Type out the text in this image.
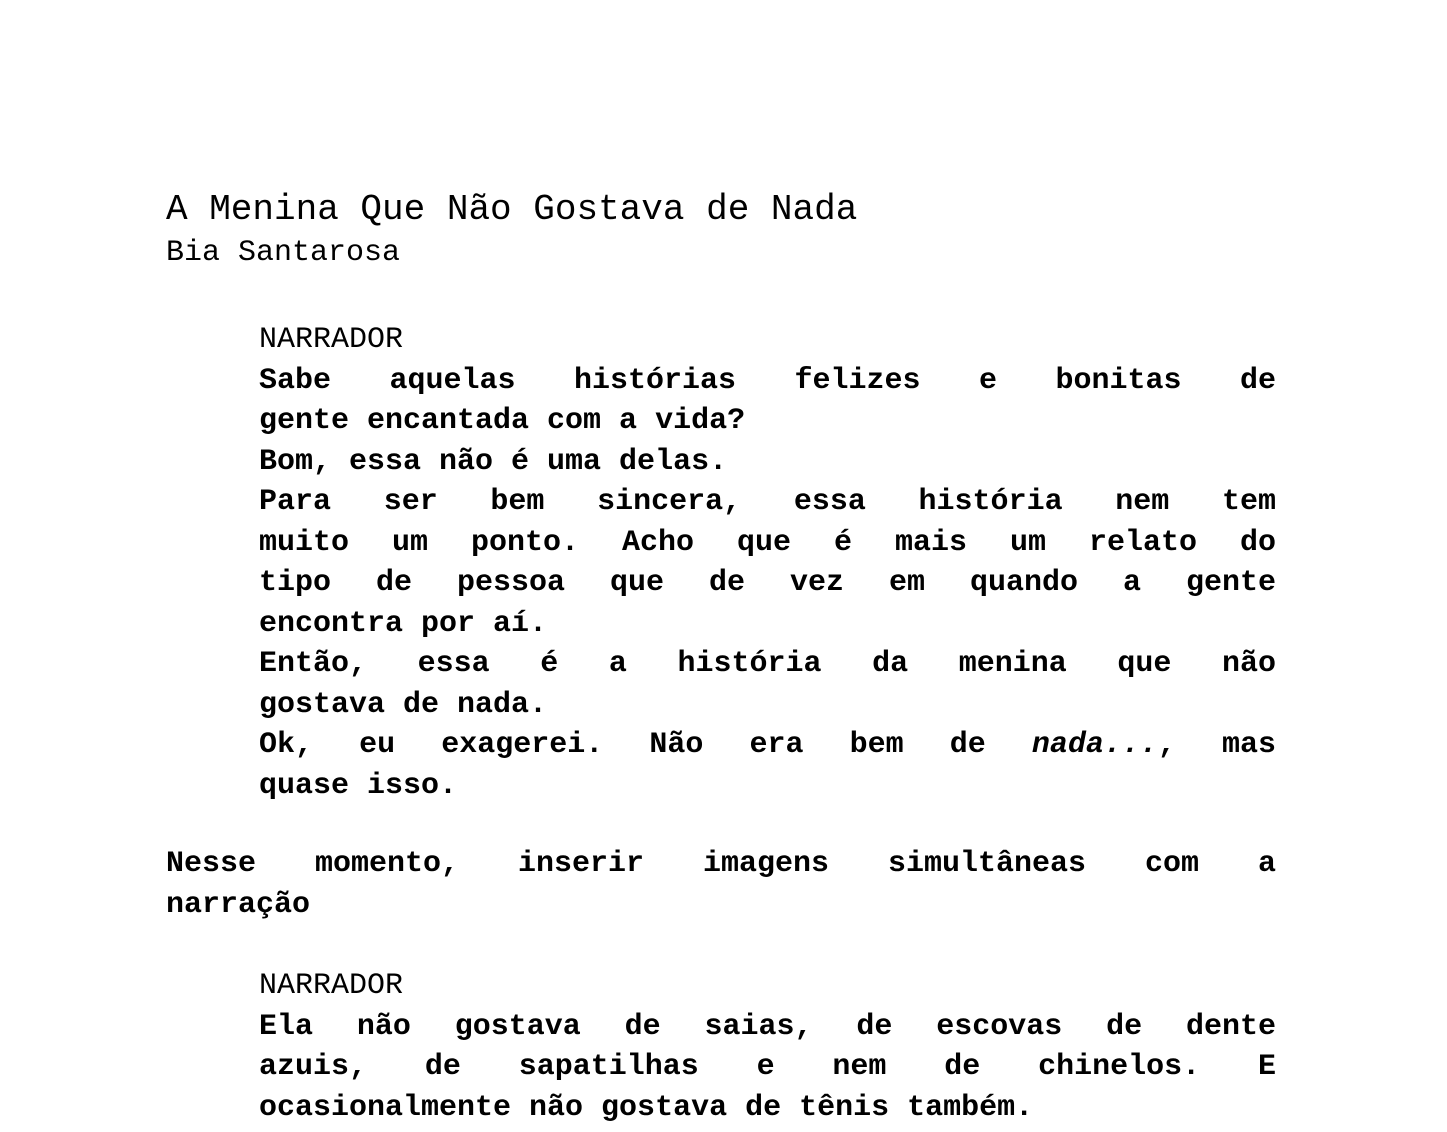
A Menina Que Não Gostava de Nada
Bia Santarosa
NARRADOR
Sabe aquelas histórias felizes e bonitas de
gente encantada com a vida?
Bom, essa não é uma delas.
Para ser bem sincera, essa história nem tem
muito um ponto. Acho que é mais um relato do
tipo de pessoa que de vez em quando a gente
encontra por aí.
Então, essa é a história da menina que não
gostava de nada.
Ok, eu exagerei. Não era bem de nada..., mas
quase isso.
Nesse momento, inserir imagens simultâneas com a
narração
NARRADOR
Ela não gostava de saias, de escovas de dente
azuis, de sapatilhas e nem de chinelos. E
ocasionalmente não gostava de tênis também.
